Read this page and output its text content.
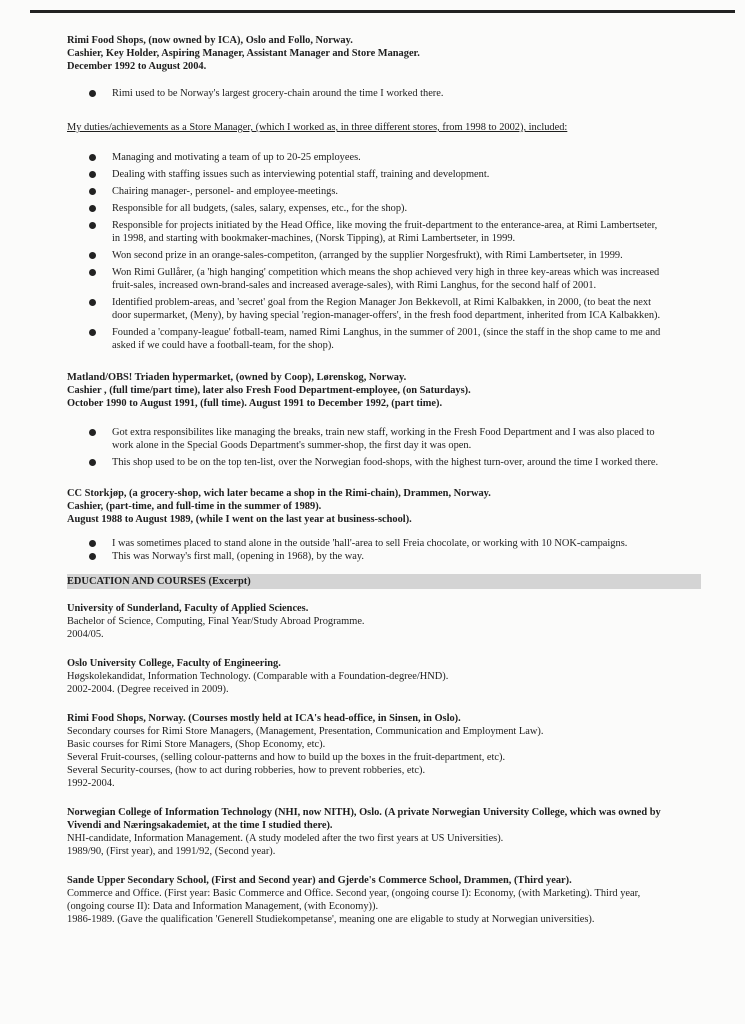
Rimi Food Shops, (now owned by ICA), Oslo and Follo, Norway.
Cashier, Key Holder, Aspiring Manager, Assistant Manager and Store Manager.
December 1992 to August 2004.
Rimi used to be Norway's largest grocery-chain around the time I worked there.
My duties/achievements as a Store Manager, (which I worked as, in three different stores, from 1998 to 2002), included:
Managing and motivating a team of up to 20-25 employees.
Dealing with staffing issues such as interviewing potential staff, training and development.
Chairing manager-, personel- and employee-meetings.
Responsible for all budgets, (sales, salary, expenses, etc., for the shop).
Responsible for projects initiated by the Head Office, like moving the fruit-department to the enterance-area, at Rimi Lambertseter,
in 1998, and starting with bookmaker-machines, (Norsk Tipping), at Rimi Lambertseter, in 1999.
Won second prize in an orange-sales-competiton, (arranged by the supplier Norgesfrukt), with Rimi Lambertseter, in 1999.
Won Rimi Gullårer, (a 'high hanging' competition which means the shop achieved very high in three key-areas which was increased
fruit-sales, increased own-brand-sales and increased average-sales), with Rimi Langhus, for the second half of 2001.
Identified problem-areas, and 'secret' goal from the Region Manager Jon Bekkevoll, at Rimi Kalbakken, in 2000, (to beat the next
door supermarket, (Meny), by having special 'region-manager-offers', in the fresh food department, inherited from ICA Kalbakken).
Founded a 'company-league' fotball-team, named Rimi Langhus, in the summer of 2001, (since the staff in the shop came to me and
asked if we could have a football-team, for the shop).
Matland/OBS! Triaden hypermarket, (owned by Coop), Lørenskog, Norway.
Cashier , (full time/part time), later also Fresh Food Department-employee, (on Saturdays).
October 1990 to August 1991, (full time). August 1991 to December 1992, (part time).
Got extra responsibilites like managing the breaks, train new staff, working in the Fresh Food Department and I was also placed to
work alone in the Special Goods Department's summer-shop, the first day it was open.
This shop used to be on the top ten-list, over the Norwegian food-shops, with the highest turn-over, around the time I worked there.
CC Storkjøp, (a grocery-shop, wich later became a shop in the Rimi-chain), Drammen, Norway.
Cashier, (part-time, and full-time in the summer of 1989).
August 1988 to August 1989, (while I went on the last year at business-school).
I was sometimes placed to stand alone in the outside 'hall'-area to sell Freia chocolate, or working with 10 NOK-campaigns.
This was Norway's first mall, (opening in 1968), by the way.
EDUCATION AND COURSES (Excerpt)
University of Sunderland, Faculty of Applied Sciences.
Bachelor of Science, Computing, Final Year/Study Abroad Programme.
2004/05.
Oslo University College, Faculty of Engineering.
Høgskolekandidat, Information Technology. (Comparable with a Foundation-degree/HND).
2002-2004. (Degree received in 2009).
Rimi Food Shops, Norway. (Courses mostly held at ICA's head-office, in Sinsen, in Oslo).
Secondary courses for Rimi Store Managers, (Management, Presentation, Communication and Employment Law).
Basic courses for Rimi Store Managers, (Shop Economy, etc).
Several Fruit-courses, (selling colour-patterns and how to build up the boxes in the fruit-department, etc).
Several Security-courses, (how to act during robberies, how to prevent robberies, etc).
1992-2004.
Norwegian College of Information Technology (NHI, now NITH), Oslo. (A private Norwegian University College, which was owned by
Vivendi and Næringsakademiet, at the time I studied there).
NHI-candidate, Information Management. (A study modeled after the two first years at US Universities).
1989/90, (First year), and 1991/92, (Second year).
Sande Upper Secondary School, (First and Second year) and Gjerde's Commerce School, Drammen, (Third year).
Commerce and Office. (First year: Basic Commerce and Office. Second year, (ongoing course I): Economy, (with Marketing). Third year,
(ongoing course II): Data and Information Management, (with Economy)).
1986-1989. (Gave the qualification 'Generell Studiekompetanse', meaning one are eligable to study at Norwegian universities).
